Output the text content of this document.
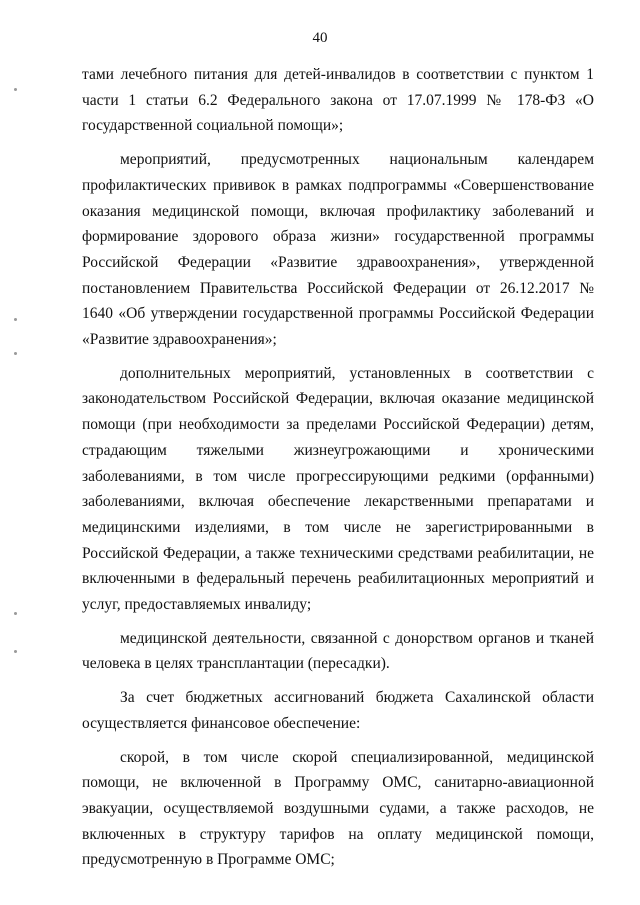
40

тами лечебного питания для детей-инвалидов в соответствии с пунктом 1 части 1 статьи 6.2 Федерального закона от 17.07.1999 № 178-ФЗ «О государственной социальной помощи»;

мероприятий, предусмотренных национальным календарем профилактических прививок в рамках подпрограммы «Совершенствование оказания медицинской помощи, включая профилактику заболеваний и формирование здорового образа жизни» государственной программы Российской Федерации «Развитие здравоохранения», утвержденной постановлением Правительства Российской Федерации от 26.12.2017 № 1640 «Об утверждении государственной программы Российской Федерации «Развитие здравоохранения»;

дополнительных мероприятий, установленных в соответствии с законодательством Российской Федерации, включая оказание медицинской помощи (при необходимости за пределами Российской Федерации) детям, страдающим тяжелыми жизнеугрожающими и хроническими заболеваниями, в том числе прогрессирующими редкими (орфанными) заболеваниями, включая обеспечение лекарственными препаратами и медицинскими изделиями, в том числе не зарегистрированными в Российской Федерации, а также техническими средствами реабилитации, не включенными в федеральный перечень реабилитационных мероприятий и услуг, предоставляемых инвалиду;

медицинской деятельности, связанной с донорством органов и тканей человека в целях трансплантации (пересадки).

За счет бюджетных ассигнований бюджета Сахалинской области осуществляется финансовое обеспечение:

скорой, в том числе скорой специализированной, медицинской помощи, не включенной в Программу ОМС, санитарно-авиационной эвакуации, осуществляемой воздушными судами, а также расходов, не включенных в структуру тарифов на оплату медицинской помощи, предусмотренную в Программе ОМС;
